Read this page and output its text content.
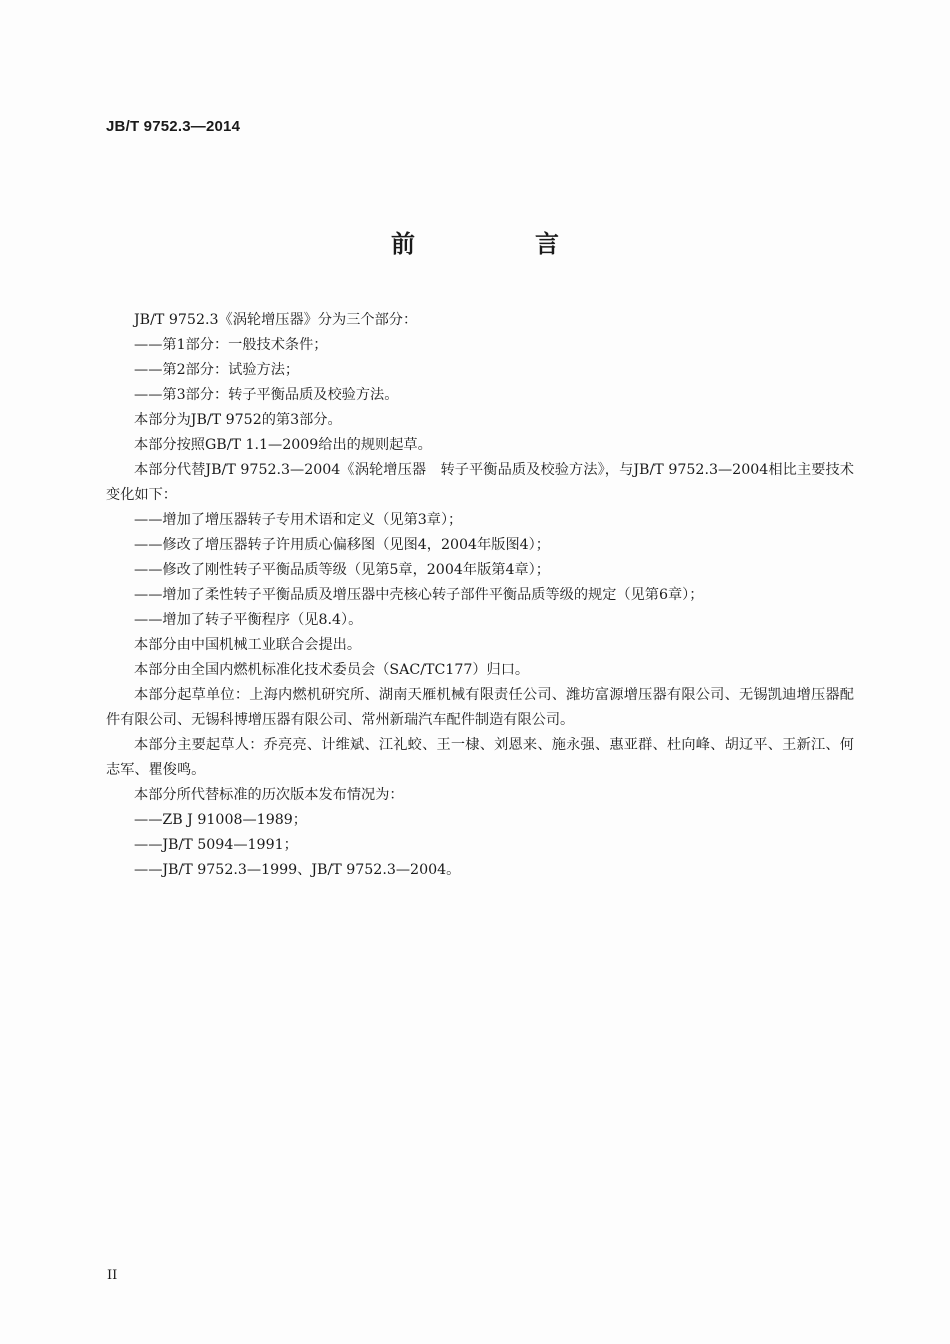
JB/T 9752.3—2014
前　言

JB/T 9752.3《涡轮增压器》分为三个部分：

——第1部分：一般技术条件；

——第2部分：试验方法；

——第3部分：转子平衡品质及校验方法。

本部分为JB/T 9752的第3部分。

本部分按照GB/T 1.1—2009给出的规则起草。

本部分代替JB/T 9752.3—2004《涡轮增压器　转子平衡品质及校验方法》，与JB/T 9752.3—2004相比主要技术变化如下：

——增加了增压器转子专用术语和定义（见第3章）；

——修改了增压器转子许用质心偏移图（见图4，2004年版图4）；

——修改了刚性转子平衡品质等级（见第5章，2004年版第4章）；

——增加了柔性转子平衡品质及增压器中壳核心转子部件平衡品质等级的规定（见第6章）；

——增加了转子平衡程序（见8.4）。

本部分由中国机械工业联合会提出。

本部分由全国内燃机标准化技术委员会（SAC/TC177）归口。

本部分起草单位：上海内燃机研究所、湖南天雁机械有限责任公司、潍坊富源增压器有限公司、无锡凯迪增压器配件有限公司、无锡科博增压器有限公司、常州新瑞汽车配件制造有限公司。

本部分主要起草人：乔亮亮、计维斌、江礼蛟、王一棣、刘恩来、施永强、惠亚群、杜向峰、胡辽平、王新江、何志军、瞿俊鸣。

本部分所代替标准的历次版本发布情况为：

——ZB J 91008—1989；

——JB/T 5094—1991；

——JB/T 9752.3—1999、JB/T 9752.3—2004。

II
